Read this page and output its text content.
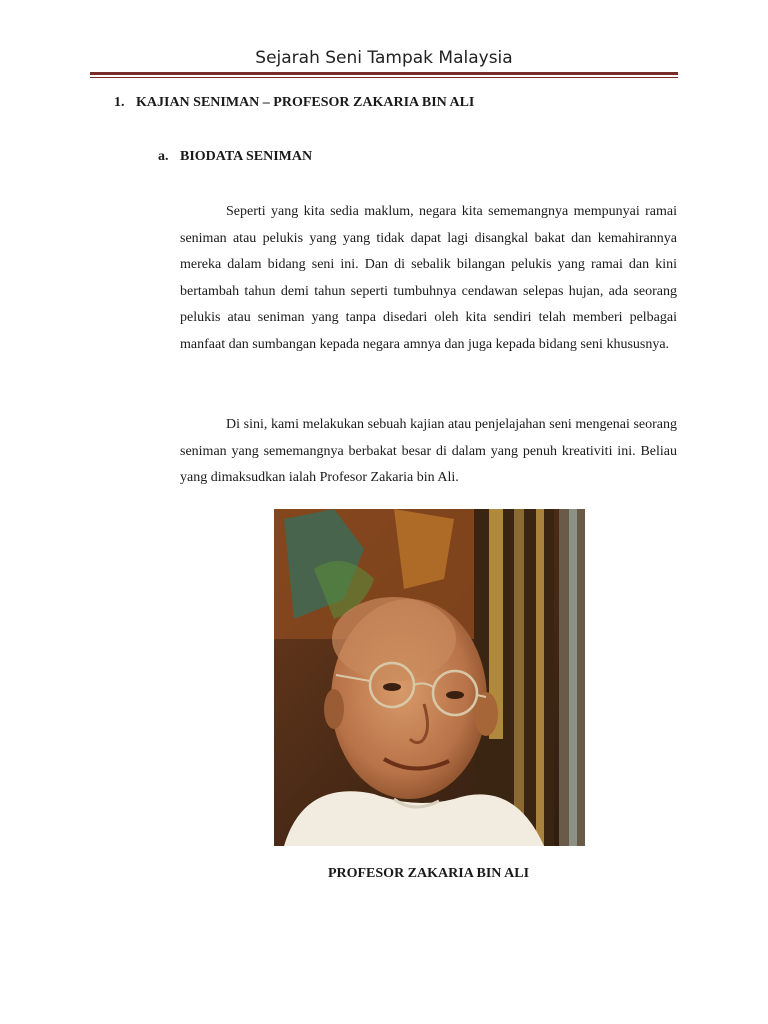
Sejarah Seni Tampak Malaysia
1. KAJIAN SENIMAN – PROFESOR ZAKARIA BIN ALI
a. BIODATA SENIMAN

Seperti yang kita sedia maklum, negara kita sememangnya mempunyai ramai seniman atau pelukis yang yang tidak dapat lagi disangkal bakat dan kemahirannya mereka dalam bidang seni ini. Dan di sebalik bilangan pelukis yang ramai dan kini bertambah tahun demi tahun seperti tumbuhnya cendawan selepas hujan, ada seorang pelukis atau seniman yang tanpa disedari oleh kita sendiri telah memberi pelbagai manfaat dan sumbangan kepada negara amnya dan juga kepada bidang seni khususnya.

Di sini, kami melakukan sebuah kajian atau penjelajahan seni mengenai seorang seniman yang sememangnya berbakat besar di dalam yang penuh kreativiti ini. Beliau yang dimaksudkan ialah Profesor Zakaria bin Ali.

PROFESOR ZAKARIA BIN ALI
